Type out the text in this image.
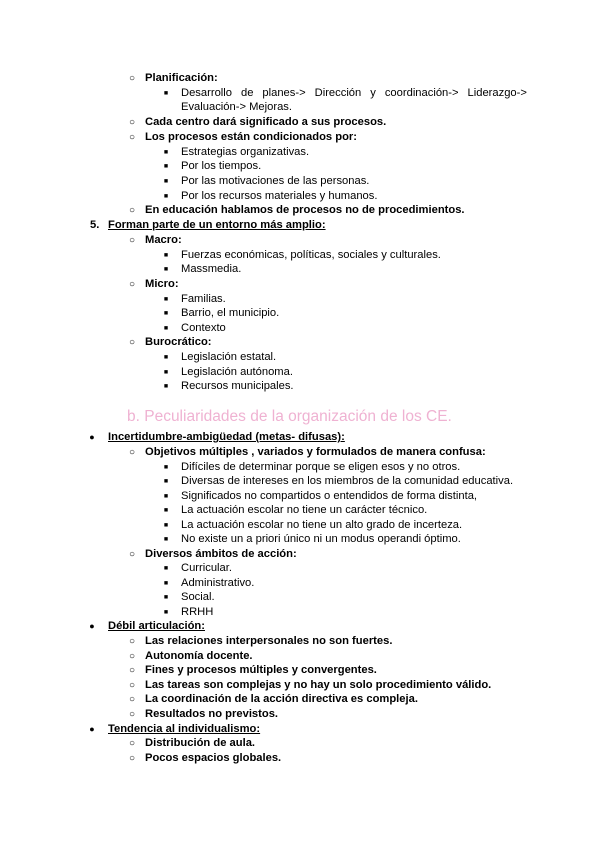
○ Planificación:
■	Desarrollo de planes-> Dirección y coordinación-> Liderazgo->
Evaluación-> Mejoras.
○ Cada centro dará significado a sus procesos.
○ Los procesos están condicionados por:
■	Estrategias organizativas.
■	Por los tiempos.
■	Por las motivaciones de las personas.
■	Por los recursos materiales y humanos.
○ En educación hablamos de procesos no de procedimientos.
5. Forman parte de un entorno más amplio:
○ Macro:
■	Fuerzas económicas, políticas, sociales y culturales.
■	Massmedia.
○ Micro:
■	Familias.
■	Barrio, el municipio.
■	Contexto
○ Burocrático:
■	Legislación estatal.
■	Legislación autónoma.
■	Recursos municipales.
b. Peculiaridades de la organización de los CE.
●	Incertidumbre-ambigüedad (metas- difusas):
○ Objetivos múltiples , variados y formulados de manera confusa:
■	Difíciles de determinar porque se eligen esos y no otros.
■	Diversas de intereses en los miembros de la comunidad educativa.
■	Significados no compartidos o entendidos de forma distinta,
■	La actuación escolar no tiene un carácter técnico.
■	La actuación escolar no tiene un alto grado de incerteza.
■	No existe un a priori único ni un modus operandi óptimo.
○ Diversos ámbitos de acción:
■	Curricular.
■	Administrativo.
■	Social.
■	RRHH
●	Débil articulación:
○ Las relaciones interpersonales no son fuertes.
○ Autonomía docente.
○ Fines y procesos múltiples y convergentes.
○ Las tareas son complejas y no hay un solo procedimiento válido.
○ La coordinación de la acción directiva es compleja.
○ Resultados no previstos.
●	Tendencia al individualismo:
○ Distribución de aula.
○ Pocos espacios globales.
